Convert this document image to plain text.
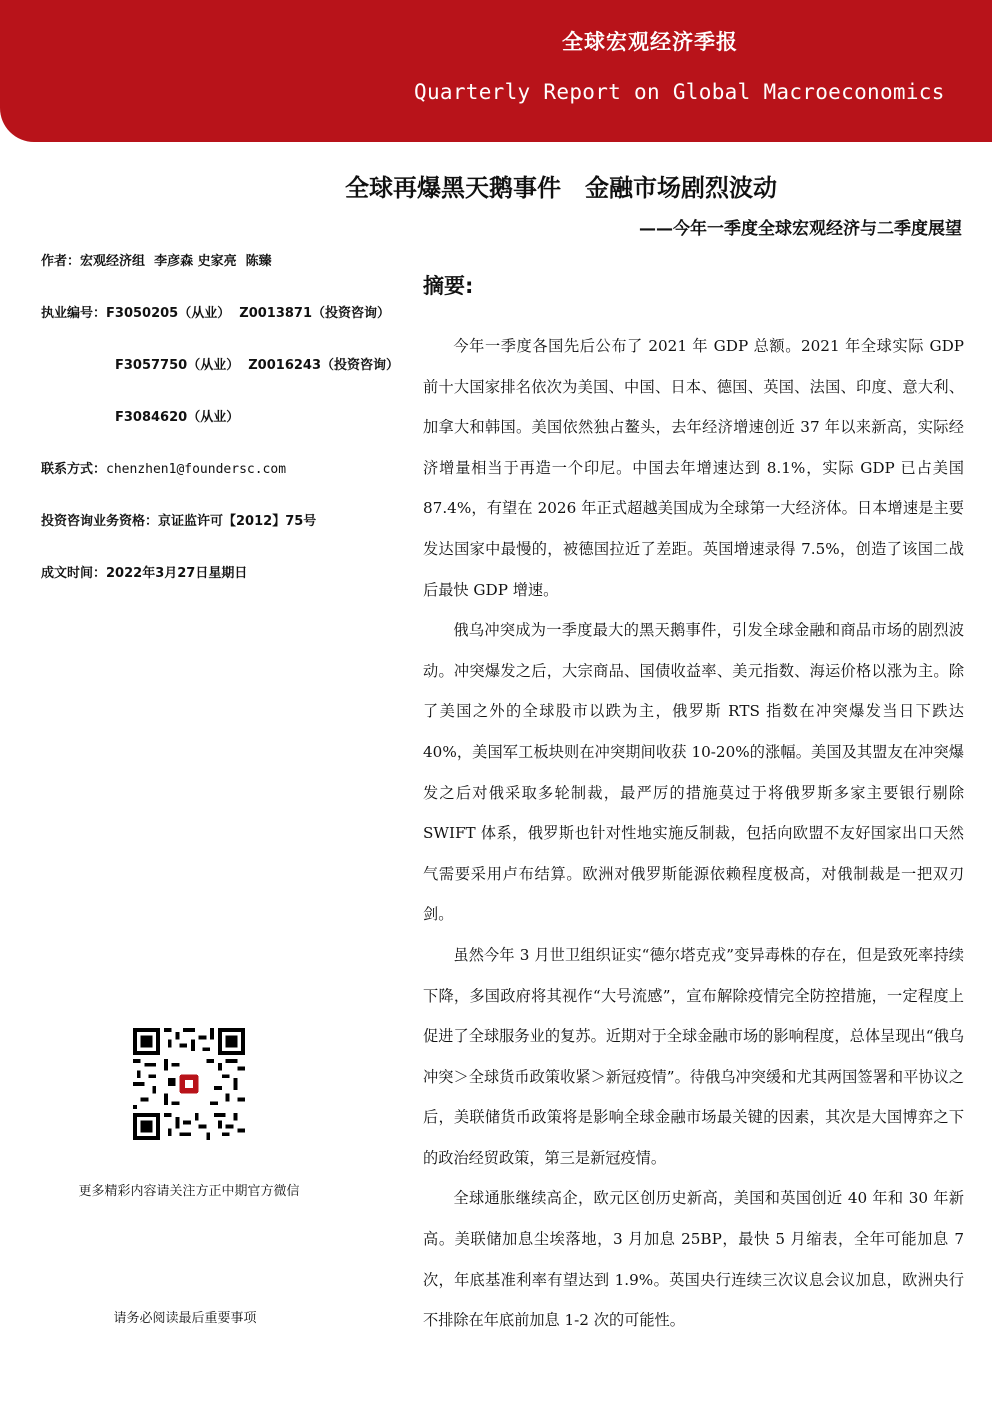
全球宏观经济季报
Quarterly Report on Global Macroeconomics
全球再爆黑天鹅事件　金融市场剧烈波动
——今年一季度全球宏观经济与二季度展望
作者：宏观经济组  李彦森 史家亮  陈臻
执业编号：F3050205（从业）  Z0013871（投资咨询）
F3057750（从业）  Z0016243（投资咨询）
F3084620（从业）
联系方式：chenzhen1@foundersc.com
投资咨询业务资格：京证监许可【2012】75号
成文时间：2022年3月27日星期日
摘要:

今年一季度各国先后公布了 2021 年 GDP 总额。2021 年全球实际 GDP 前十大国家排名依次为美国、中国、日本、德国、英国、法国、印度、意大利、加拿大和韩国。美国依然独占鳌头，去年经济增速创近 37 年以来新高，实际经济增量相当于再造一个印尼。中国去年增速达到 8.1%，实际 GDP 已占美国 87.4%，有望在 2026 年正式超越美国成为全球第一大经济体。日本增速是主要发达国家中最慢的，被德国拉近了差距。英国增速录得 7.5%，创造了该国二战后最快 GDP 增速。

俄乌冲突成为一季度最大的黑天鹅事件，引发全球金融和商品市场的剧烈波动。冲突爆发之后，大宗商品、国债收益率、美元指数、海运价格以涨为主。除了美国之外的全球股市以跌为主，俄罗斯 RTS 指数在冲突爆发当日下跌达 40%，美国军工板块则在冲突期间收获 10-20%的涨幅。美国及其盟友在冲突爆发之后对俄采取多轮制裁，最严厉的措施莫过于将俄罗斯多家主要银行剔除 SWIFT 体系，俄罗斯也针对性地实施反制裁，包括向欧盟不友好国家出口天然气需要采用卢布结算。欧洲对俄罗斯能源依赖程度极高，对俄制裁是一把双刃剑。

虽然今年 3 月世卫组织证实“德尔塔克戎”变异毒株的存在，但是致死率持续下降，多国政府将其视作“大号流感”，宣布解除疫情完全防控措施，一定程度上促进了全球服务业的复苏。近期对于全球金融市场的影响程度，总体呈现出“俄乌冲突＞全球货币政策收紧＞新冠疫情”。待俄乌冲突缓和尤其两国签署和平协议之后，美联储货币政策将是影响全球金融市场最关键的因素，其次是大国博弈之下的政治经贸政策，第三是新冠疫情。

全球通胀继续高企，欧元区创历史新高，美国和英国创近 40 年和 30 年新高。美联储加息尘埃落地，3 月加息 25BP，最快 5 月缩表，全年可能加息 7 次，年底基准利率有望达到 1.9%。英国央行连续三次议息会议加息，欧洲央行不排除在年底前加息 1-2 次的可能性。

更多精彩内容请关注方正中期官方微信
请务必阅读最后重要事项
